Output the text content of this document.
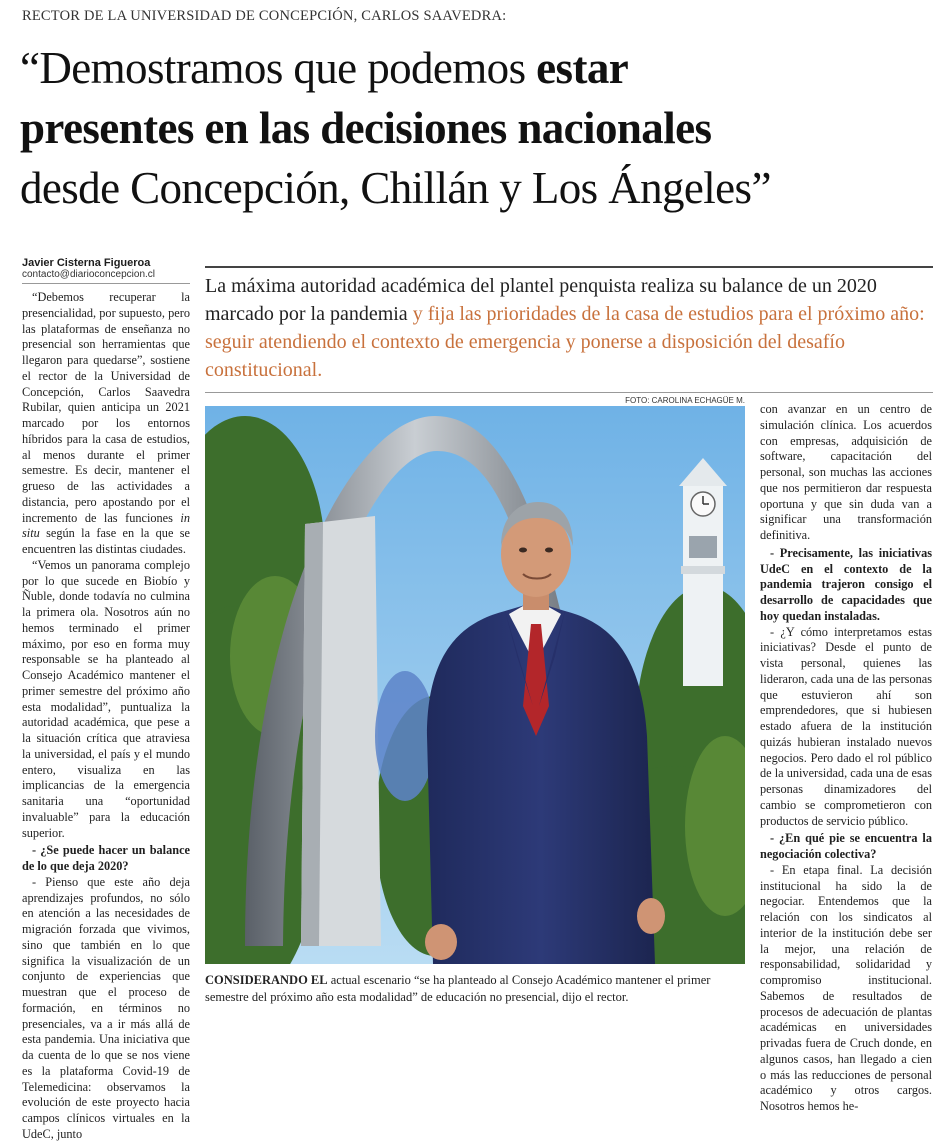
RECTOR DE LA UNIVERSIDAD DE CONCEPCIÓN, CARLOS SAAVEDRA:
“Demostramos que podemos estar
presentes en las decisiones nacionales
desde Concepción, Chillán y Los Ángeles”
Javier Cisterna Figueroa
contacto@diarioconcepcion.cl

La máxima autoridad académica del plantel penquista realiza su balance de un 2020 marcado por la pandemia y fija las prioridades de la casa de estudios para el próximo año: seguir atendiendo el contexto de emergencia y ponerse a disposición del desafío constitucional.

“Debemos recuperar la presencialidad, por supuesto, pero las plataformas de enseñanza no presencial son herramientas que llegaron para quedarse”, sostiene el rector de la Universidad de Concepción, Carlos Saavedra Rubilar, quien anticipa un 2021 marcado por los entornos híbridos para la casa de estudios, al menos durante el primer semestre. Es decir, mantener el grueso de las actividades a distancia, pero apostando por el incremento de las funciones in situ según la fase en la que se encuentren las distintas ciudades.

“Vemos un panorama complejo por lo que sucede en Biobío y Ñuble, donde todavía no culmina la primera ola. Nosotros aún no hemos terminado el primer máximo, por eso en forma muy responsable se ha planteado al Consejo Académico mantener el primer semestre del próximo año esta modalidad”, puntualiza la autoridad académica, que pese a la situación crítica que atraviesa la universidad, el país y el mundo entero, visualiza en las implicancias de la emergencia sanitaria una “oportunidad invaluable” para la educación superior.

- ¿Se puede hacer un balance de lo que deja 2020?

- Pienso que este año deja aprendizajes profundos, no sólo en atención a las necesidades de migración forzada que vivimos, sino que también en lo que significa la visualización de un conjunto de experiencias que muestran que el proceso de formación, en términos no presenciales, va a ir más allá de esta pandemia. Una iniciativa que da cuenta de lo que se nos viene es la plataforma Covid-19 de Telemedicina: observamos la evolución de este proyecto hacia campos clínicos virtuales en la UdeC, junto

FOTO: CAROLINA ECHAGÜE M.
CONSIDERANDO EL actual escenario “se ha planteado al Consejo Académico mantener el primer semestre del próximo año esta modalidad” de educación no presencial, dijo el rector.

con avanzar en un centro de simulación clínica. Los acuerdos con empresas, adquisición de software, capacitación del personal, son muchas las acciones que nos permitieron dar respuesta oportuna y que sin duda van a significar una transformación definitiva.

- Precisamente, las iniciativas UdeC en el contexto de la pandemia trajeron consigo el desarrollo de capacidades que hoy quedan instaladas.

- ¿Y cómo interpretamos estas iniciativas? Desde el punto de vista personal, quienes las lideraron, cada una de las personas que estuvieron ahí son emprendedores, que si hubiesen estado afuera de la institución quizás hubieran instalado nuevos negocios. Pero dado el rol público de la universidad, cada una de esas personas dinamizadores del cambio se comprometieron con productos de servicio público.

- ¿En qué pie se encuentra la negociación colectiva?

- En etapa final. La decisión institucional ha sido la de negociar. Entendemos que la relación con los sindicatos al interior de la institución debe ser la mejor, una relación de responsabilidad, solidaridad y compromiso institucional. Sabemos de resultados de procesos de adecuación de plantas académicas en universidades privadas fuera de Cruch donde, en algunos casos, han llegado a cien o más las reducciones de personal académico y otros cargos. Nosotros hemos he-
